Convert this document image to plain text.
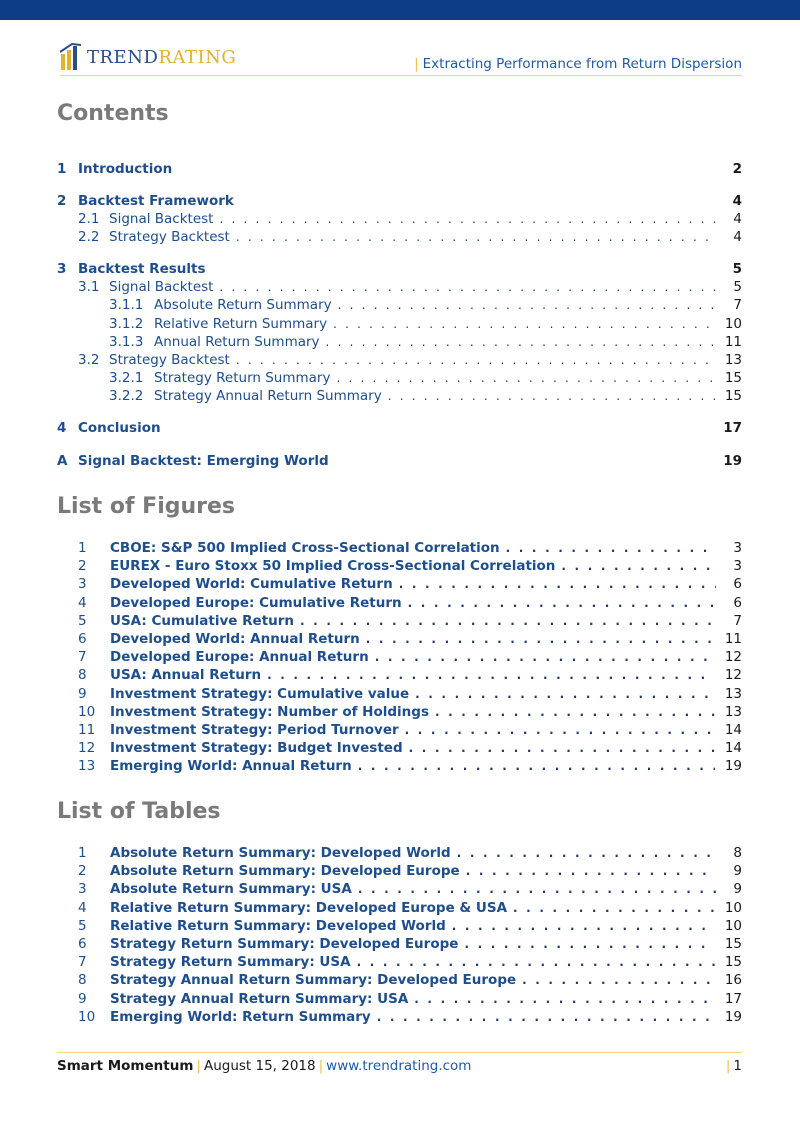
TRENDRATING	| Extracting Performance from Return Dispersion
Contents
1 Introduction	2
2 Backtest Framework	4
2.1 Signal Backtest . . .	4
2.2 Strategy Backtest . . .	4
3 Backtest Results	5
3.1 Signal Backtest . . .	5
3.1.1 Absolute Return Summary . . .	7
3.1.2 Relative Return Summary . . .	10
3.1.3 Annual Return Summary . . .	11
3.2 Strategy Backtest . . .	13
3.2.1 Strategy Return Summary . . .	15
3.2.2 Strategy Annual Return Summary . . .	15
4 Conclusion	17
A Signal Backtest: Emerging World	19
List of Figures
1	CBOE: S&P 500 Implied Cross-Sectional Correlation . . .	3
2	EUREX - Euro Stoxx 50 Implied Cross-Sectional Correlation . . .	3
3	Developed World: Cumulative Return . . .	6
4	Developed Europe: Cumulative Return . . .	6
5	USA: Cumulative Return . . .	7
6	Developed World: Annual Return . . .	11
7	Developed Europe: Annual Return . . .	12
8	USA: Annual Return . . .	12
9	Investment Strategy: Cumulative value . . .	13
10	Investment Strategy: Number of Holdings . . .	13
11	Investment Strategy: Period Turnover . . .	14
12	Investment Strategy: Budget Invested . . .	14
13	Emerging World: Annual Return . . .	19
List of Tables
1	Absolute Return Summary: Developed World . . .	8
2	Absolute Return Summary: Developed Europe . . .	9
3	Absolute Return Summary: USA . . .	9
4	Relative Return Summary: Developed Europe & USA . . .	10
5	Relative Return Summary: Developed World . . .	10
6	Strategy Return Summary: Developed Europe . . .	15
7	Strategy Return Summary: USA . . .	15
8	Strategy Annual Return Summary: Developed Europe . . .	16
9	Strategy Annual Return Summary: USA . . .	17
10	Emerging World: Return Summary . . .	19
Smart Momentum | August 15, 2018 | www.trendrating.com	| 1
